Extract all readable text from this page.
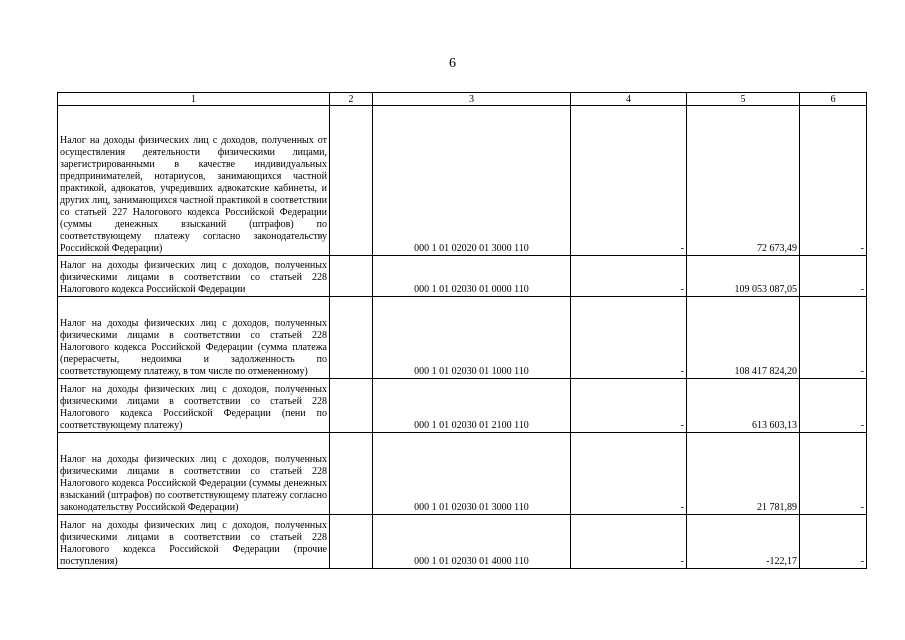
6
1	2	3	4	5	6
Налог на доходы физических лиц с доходов, полученных от осуществления деятельности физическими лицами, зарегистрированными в качестве индивидуальных предпринимателей, нотариусов, занимающихся частной практикой, адвокатов, учредивших адвокатские кабинеты, и других лиц, занимающихся частной практикой в соответствии со статьей 227 Налогового кодекса Российской Федерации (суммы денежных взысканий (штрафов) по соответствующему платежу согласно законодательству Российской Федерации)		000 1 01 02020 01 3000 110	-	72 673,49	-
Налог на доходы физических лиц с доходов, полученных физическими лицами в соответствии со статьей 228 Налогового кодекса Российской Федерации		000 1 01 02030 01 0000 110	-	109 053 087,05	-
Налог на доходы физических лиц с доходов, полученных физическими лицами в соответствии со статьей 228 Налогового кодекса Российской Федерации (сумма платежа (перерасчеты, недоимка и задолженность по соответствующему платежу, в том числе по отмененному)		000 1 01 02030 01 1000 110	-	108 417 824,20	-
Налог на доходы физических лиц с доходов, полученных физическими лицами в соответствии со статьей 228 Налогового кодекса Российской Федерации (пени по соответствующему платежу)		000 1 01 02030 01 2100 110	-	613 603,13	-
Налог на доходы физических лиц с доходов, полученных физическими лицами в соответствии со статьей 228 Налогового кодекса Российской Федерации (суммы денежных взысканий (штрафов) по соответствующему платежу согласно законодательству Российской Федерации)		000 1 01 02030 01 3000 110	-	21 781,89	-
Налог на доходы физических лиц с доходов, полученных физическими лицами в соответствии со статьей 228 Налогового кодекса Российской Федерации (прочие поступления)		000 1 01 02030 01 4000 110	-	-122,17	-
